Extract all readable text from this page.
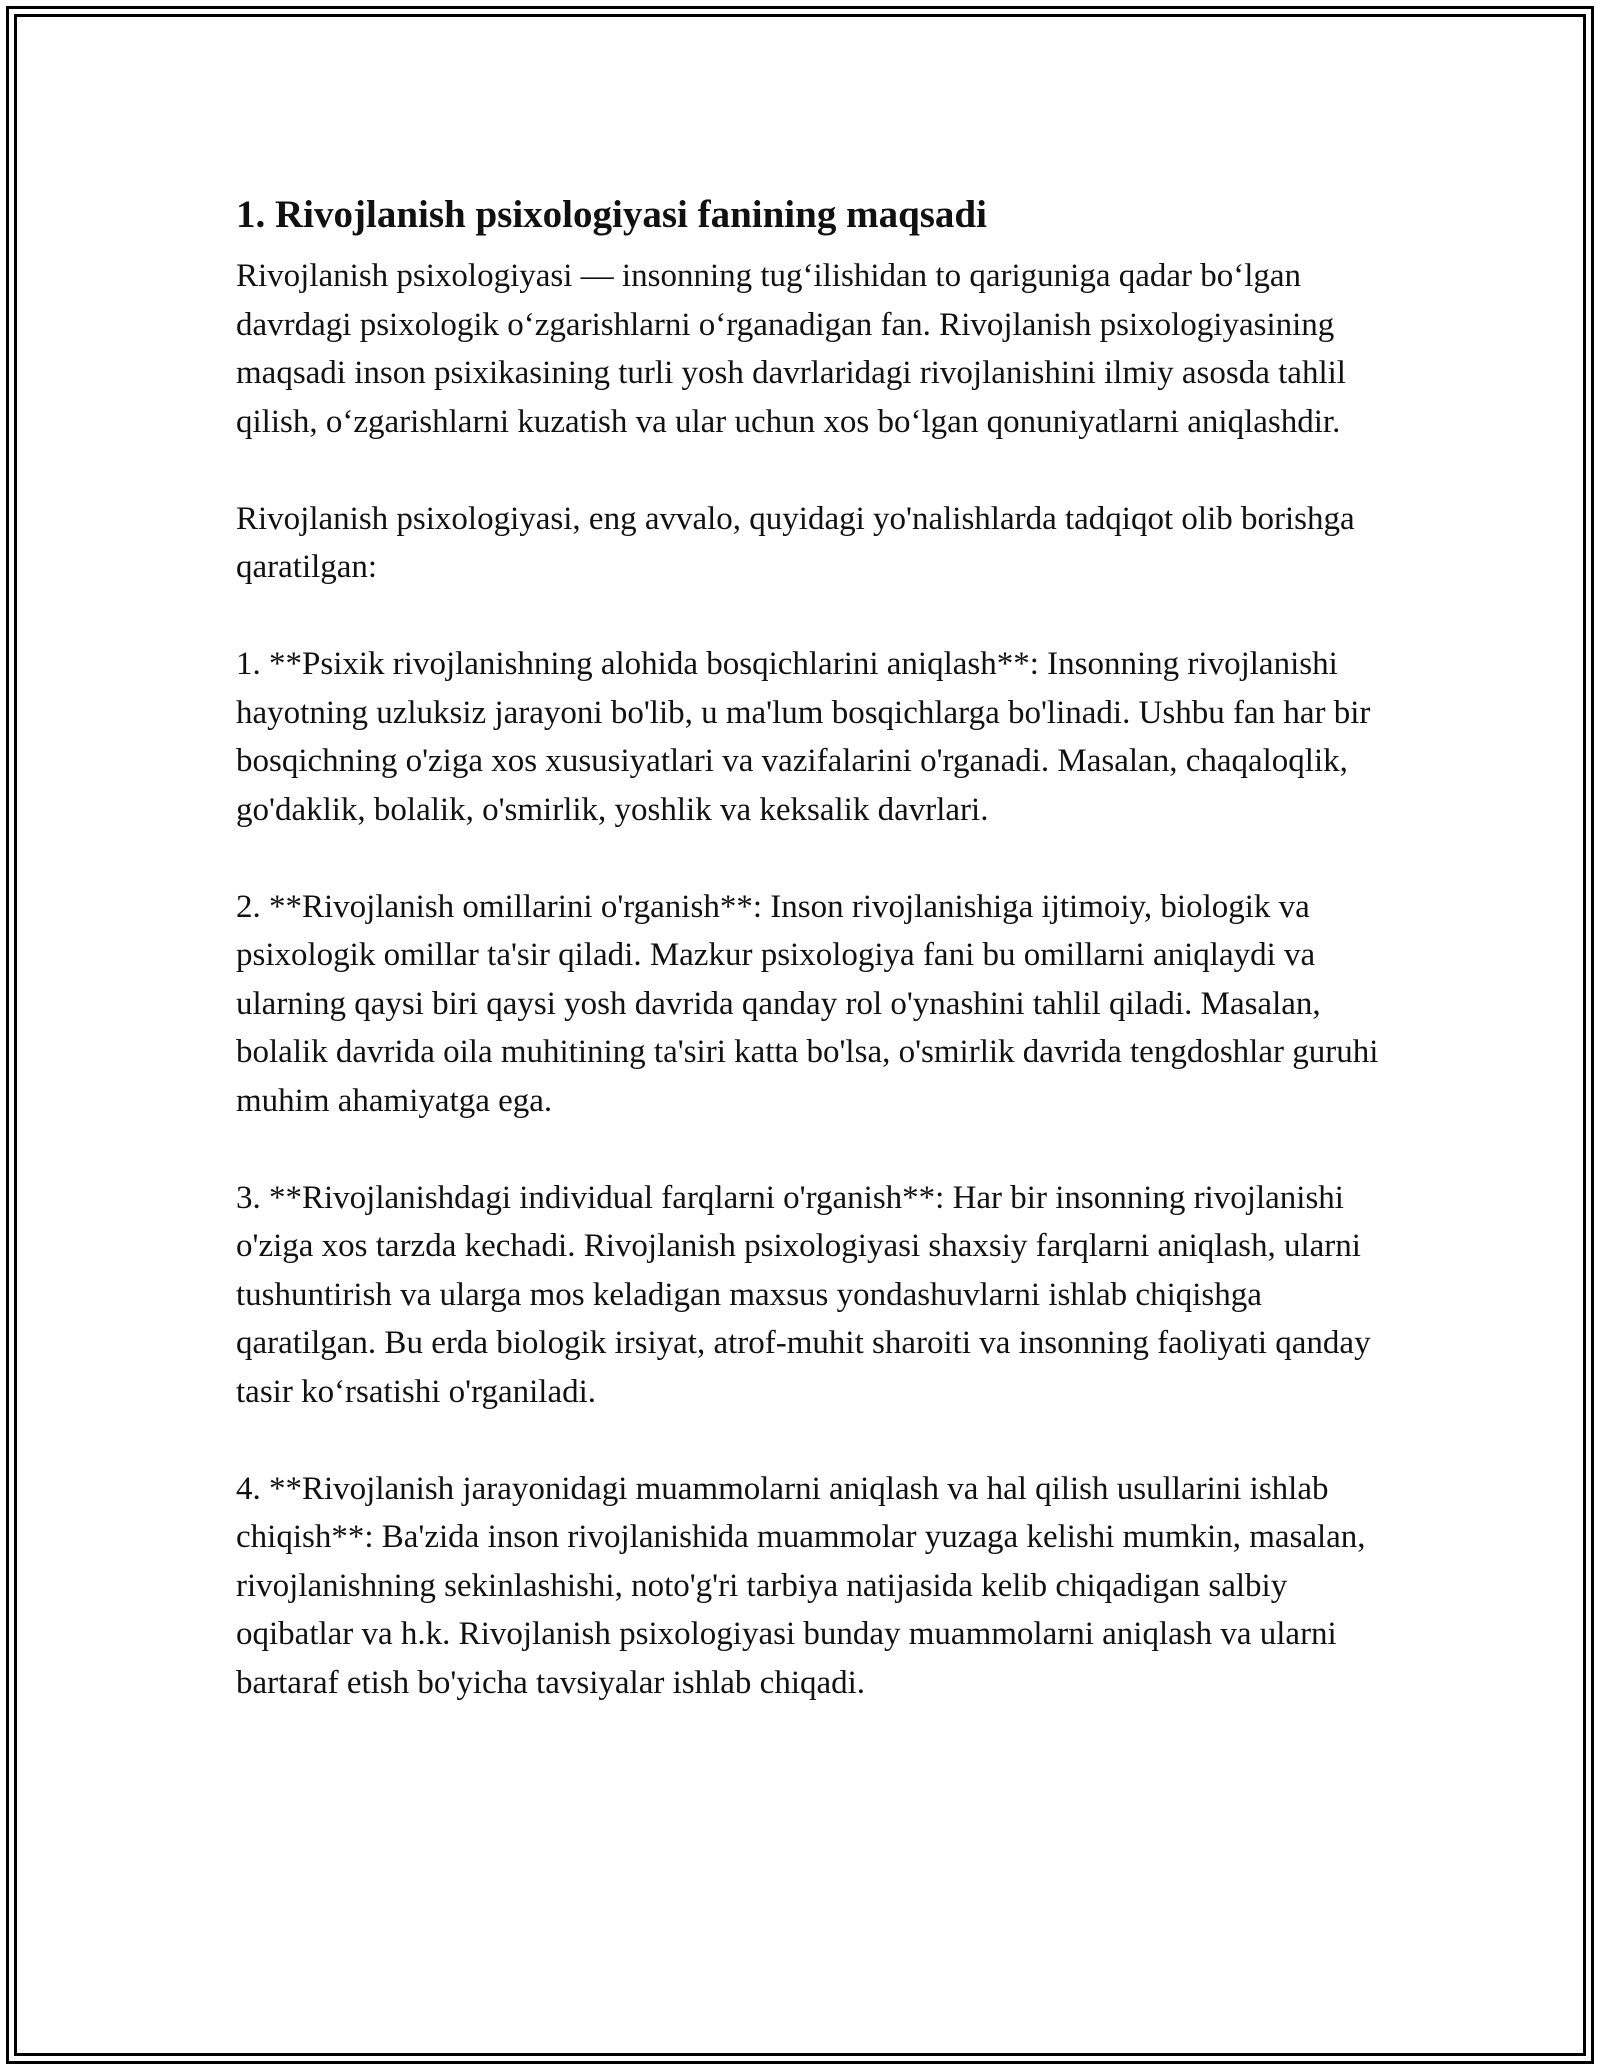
1. Rivojlanish psixologiyasi fanining maqsadi

Rivojlanish psixologiyasi — insonning tug‘ilishidan to qariguniga qadar bo‘lgan davrdagi psixologik o‘zgarishlarni o‘rganadigan fan. Rivojlanish psixologiyasining maqsadi inson psixikasining turli yosh davrlaridagi rivojlanishini ilmiy asosda tahlil qilish, o‘zgarishlarni kuzatish va ular uchun xos bo‘lgan qonuniyatlarni aniqlashdir.

Rivojlanish psixologiyasi, eng avvalo, quyidagi yo'nalishlarda tadqiqot olib borishga qaratilgan:

1. **Psixik rivojlanishning alohida bosqichlarini aniqlash**: Insonning rivojlanishi hayotning uzluksiz jarayoni bo'lib, u ma'lum bosqichlarga bo'linadi. Ushbu fan har bir bosqichning o'ziga xos xususiyatlari va vazifalarini o'rganadi. Masalan, chaqaloqlik, go'daklik, bolalik, o'smirlik, yoshlik va keksalik davrlari.

2. **Rivojlanish omillarini o'rganish**: Inson rivojlanishiga ijtimoiy, biologik va psixologik omillar ta'sir qiladi. Mazkur psixologiya fani bu omillarni aniqlaydi va ularning qaysi biri qaysi yosh davrida qanday rol o'ynashini tahlil qiladi. Masalan, bolalik davrida oila muhitining ta'siri katta bo'lsa, o'smirlik davrida tengdoshlar guruhi muhim ahamiyatga ega.

3. **Rivojlanishdagi individual farqlarni o'rganish**: Har bir insonning rivojlanishi o'ziga xos tarzda kechadi. Rivojlanish psixologiyasi shaxsiy farqlarni aniqlash, ularni tushuntirish va ularga mos keladigan maxsus yondashuvlarni ishlab chiqishga qaratilgan. Bu erda biologik irsiyat, atrof-muhit sharoiti va insonning faoliyati qanday tasir ko‘rsatishi o'rganiladi.

4. **Rivojlanish jarayonidagi muammolarni aniqlash va hal qilish usullarini ishlab chiqish**: Ba'zida inson rivojlanishida muammolar yuzaga kelishi mumkin, masalan, rivojlanishning sekinlashishi, noto'g'ri tarbiya natijasida kelib chiqadigan salbiy oqibatlar va h.k. Rivojlanish psixologiyasi bunday muammolarni aniqlash va ularni bartaraf etish bo'yicha tavsiyalar ishlab chiqadi.
